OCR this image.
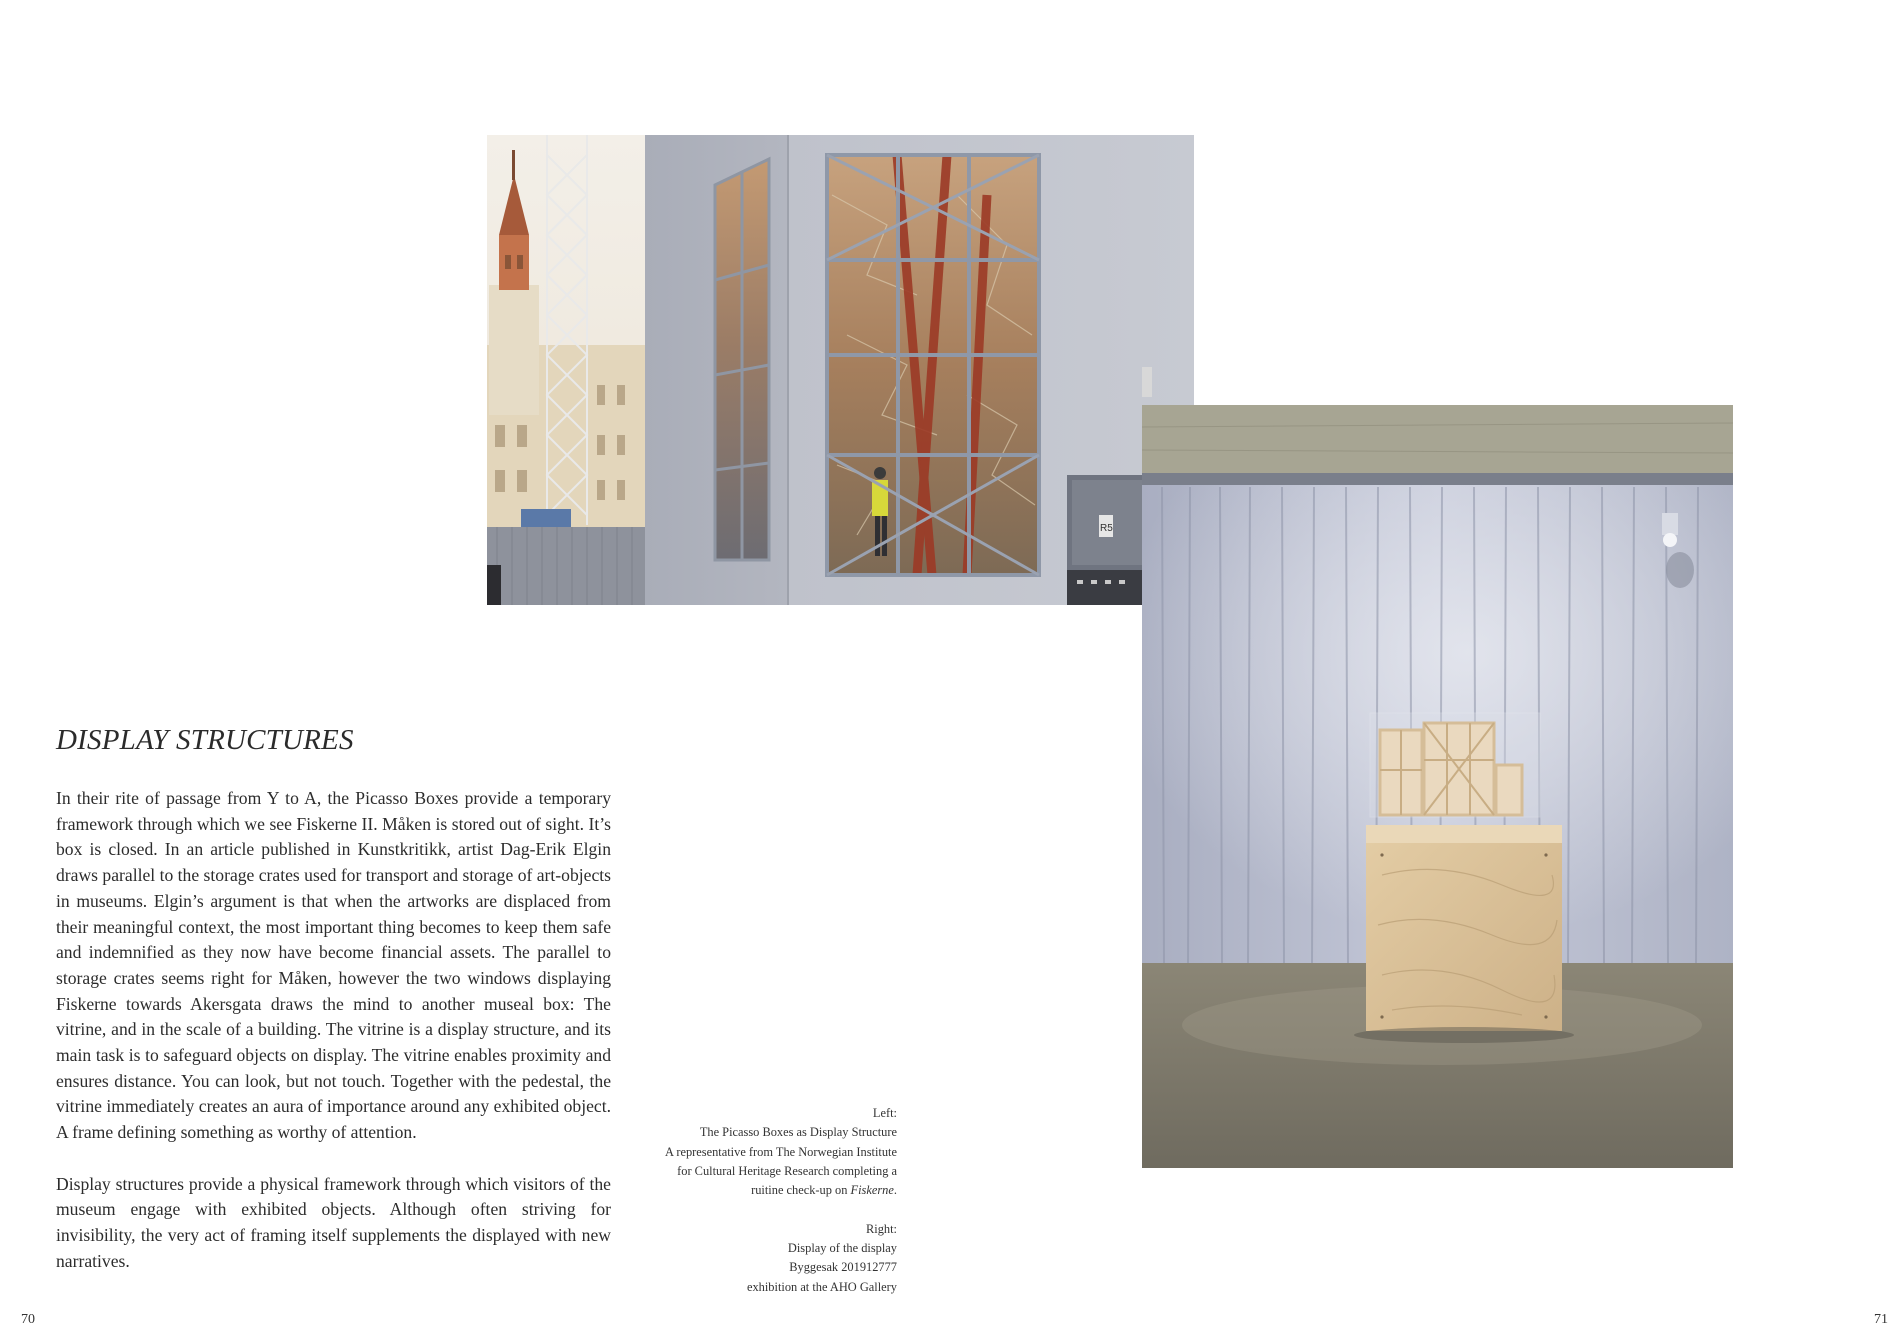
R5
DISPLAY STRUCTURES

In their rite of passage from Y to A, the Picasso Boxes provide a temporary framework through which we see Fiskerne II. Måken is stored out of sight. It’s box is closed. In an article published in Kunstkritikk, artist Dag-Erik Elgin draws parallel to the storage crates used for transport and storage of art-objects in museums. Elgin’s argument is that when the artworks are displaced from their meaningful context, the most important thing becomes to keep them safe and indemnified as they now have become financial assets. The parallel to storage crates seems right for Måken, however the two windows displaying Fiskerne towards Akersgata draws the mind to another museal box: The vitrine, and in the scale of a building. The vitrine is a display structure, and its main task is to safeguard objects on display. The vitrine enables proximity and ensures distance. You can look, but not touch. Together with the pedestal, the vitrine immediately creates an aura of importance around any exhibited object. A frame defining something as worthy of attention.

Display structures provide a physical framework through which visitors of the museum engage with exhibited objects. Although often striving for invisibility, the very act of framing itself supplements the displayed with new narratives.

Left:
The Picasso Boxes as Display Structure
A representative from The Norwegian Institute
for Cultural Heritage Research completing a
ruitine check-up on Fiskerne.
Right:
Display of the display
Byggesak 201912777
exhibition at the AHO Gallery
70	71
